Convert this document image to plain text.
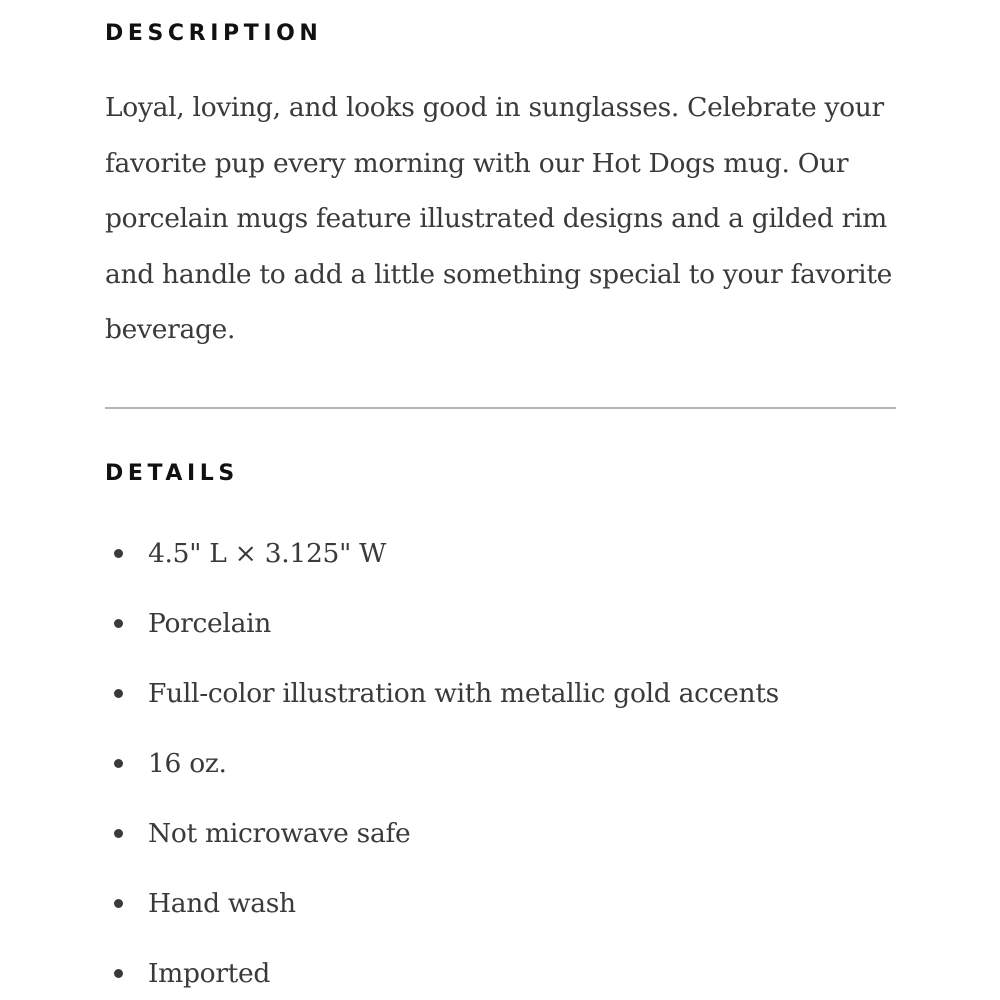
DESCRIPTION

Loyal, loving, and looks good in sunglasses. Celebrate your favorite pup every morning with our Hot Dogs mug. Our porcelain mugs feature illustrated designs and a gilded rim and handle to add a little something special to your favorite beverage.

DETAILS
4.5" L × 3.125" W
Porcelain
Full-color illustration with metallic gold accents
16 oz.
Not microwave safe
Hand wash
Imported
